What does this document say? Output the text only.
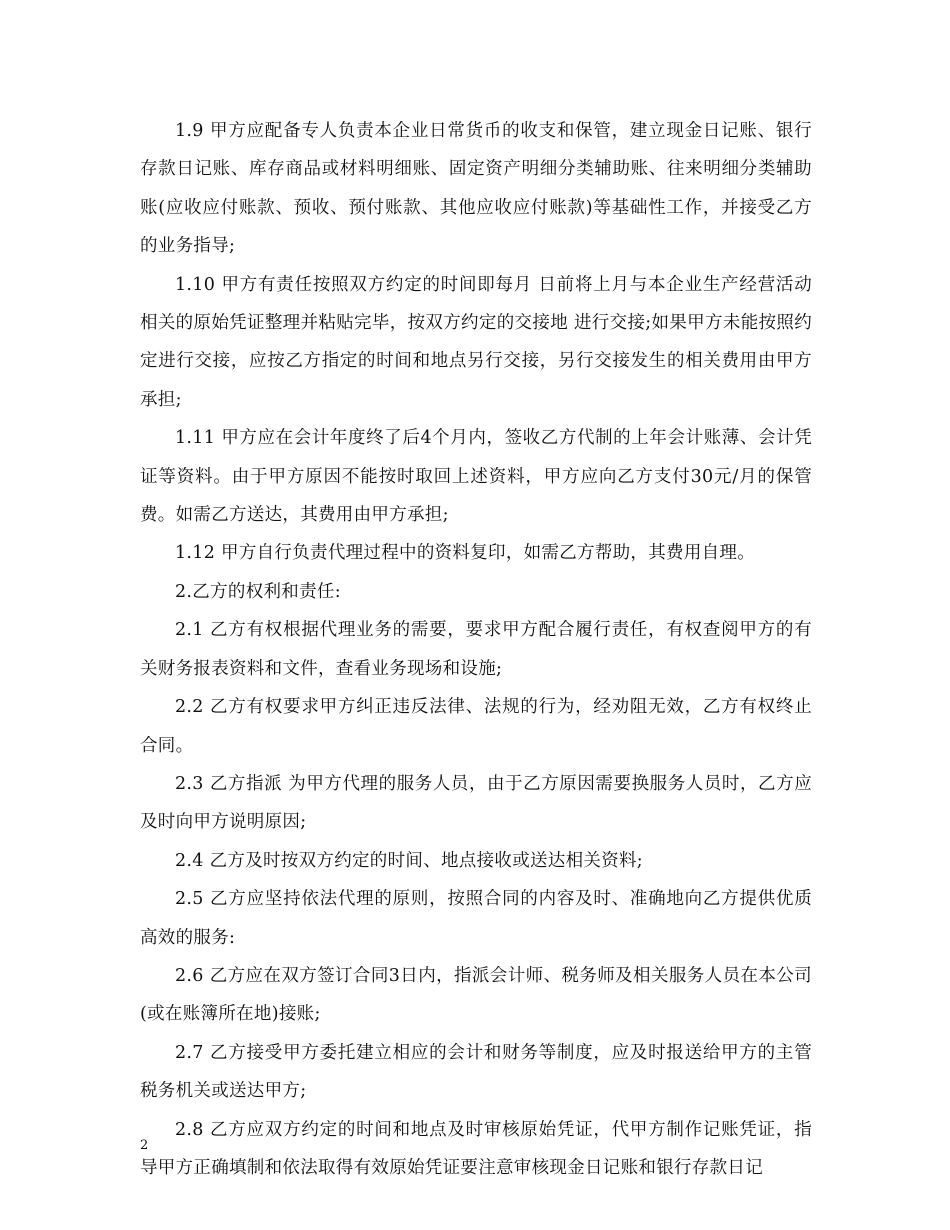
1.9 甲方应配备专人负责本企业日常货币的收支和保管，建立现金日记账、银行存款日记账、库存商品或材料明细账、固定资产明细分类辅助账、往来明细分类辅助账(应收应付账款、预收、预付账款、其他应收应付账款)等基础性工作，并接受乙方的业务指导;

1.10 甲方有责任按照双方约定的时间即每月 日前将上月与本企业生产经营活动相关的原始凭证整理并粘贴完毕，按双方约定的交接地 进行交接;如果甲方未能按照约定进行交接，应按乙方指定的时间和地点另行交接，另行交接发生的相关费用由甲方承担;

1.11 甲方应在会计年度终了后4个月内，签收乙方代制的上年会计账薄、会计凭证等资料。由于甲方原因不能按时取回上述资料，甲方应向乙方支付30元/月的保管费。如需乙方送达，其费用由甲方承担;

1.12 甲方自行负责代理过程中的资料复印，如需乙方帮助，其费用自理。

2.乙方的权利和责任:

2.1 乙方有权根据代理业务的需要，要求甲方配合履行责任，有权查阅甲方的有关财务报表资料和文件，查看业务现场和设施;

2.2 乙方有权要求甲方纠正违反法律、法规的行为，经劝阻无效，乙方有权终止合同。

2.3 乙方指派 为甲方代理的服务人员，由于乙方原因需要换服务人员时，乙方应及时向甲方说明原因;

2.4 乙方及时按双方约定的时间、地点接收或送达相关资料;

2.5 乙方应坚持依法代理的原则，按照合同的内容及时、准确地向乙方提供优质高效的服务:

2.6 乙方应在双方签订合同3日内，指派会计师、税务师及相关服务人员在本公司(或在账簿所在地)接账;

2.7 乙方接受甲方委托建立相应的会计和财务等制度，应及时报送给甲方的主管税务机关或送达甲方;

2.8 乙方应双方约定的时间和地点及时审核原始凭证，代甲方制作记账凭证，指导甲方正确填制和依法取得有效原始凭证要注意审核现金日记账和银行存款日记

2
